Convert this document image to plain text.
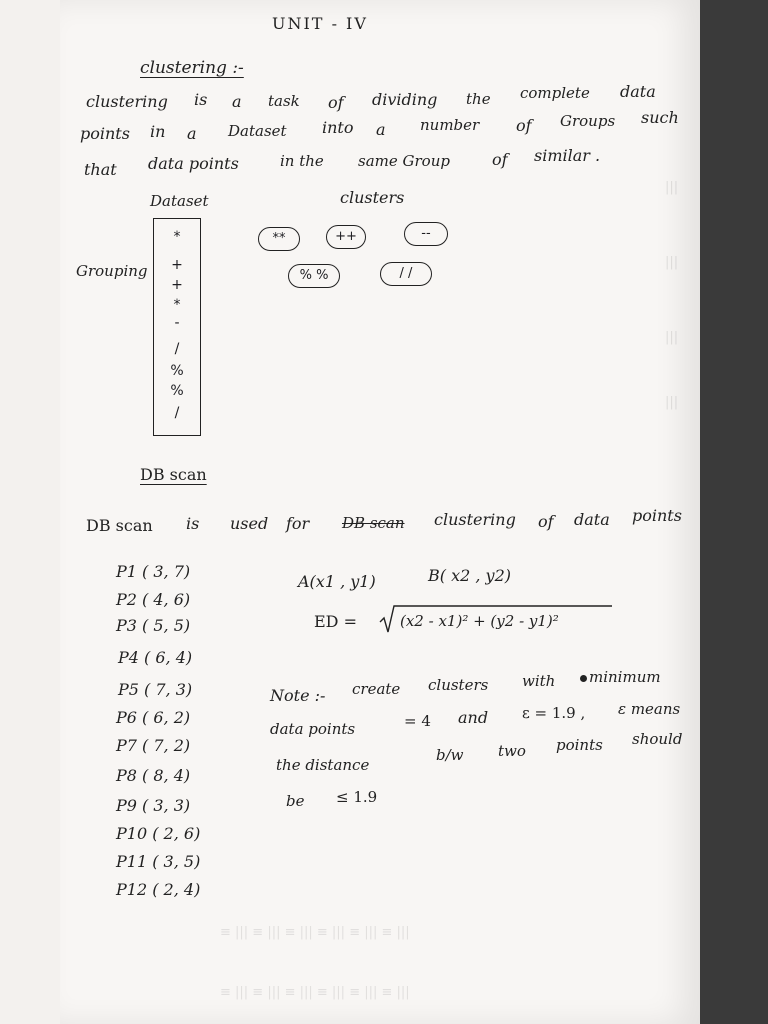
|||
|||
|||
|||
≡ ||| ≡ ||| ≡ ||| ≡ ||| ≡ ||| ≡ |||
≡ ||| ≡ ||| ≡ ||| ≡ ||| ≡ ||| ≡ |||
UNIT - IV
clustering :-
clustering is a task of dividing the complete data
points in a Dataset into a number of Groups such
that data points	in the same Group	of similar .
Dataset	clusters
Grouping
*
+
+
*
-
/
%
%
/
**	++	--
% %	/ /
DB scan
DB scan is used for DB scan clustering of data points
P1 ( 3, 7)
P2 ( 4, 6)
P3 ( 5, 5)
P4 ( 6, 4)
P5 ( 7, 3)
P6 ( 6, 2)
P7 ( 7, 2)
P8 ( 8, 4)
P9 ( 3, 3)
P10 ( 2, 6)
P11 ( 3, 5)
P12 ( 2, 4)
A(x1 , y1)	B( x2 , y2)
ED =	(x2 - x1)² + (y2 - y1)²
Note :- create clusters with	minimum
data points	= 4 and ε = 1.9 , ε means
the distance
b/w two points should
be ≤ 1.9
